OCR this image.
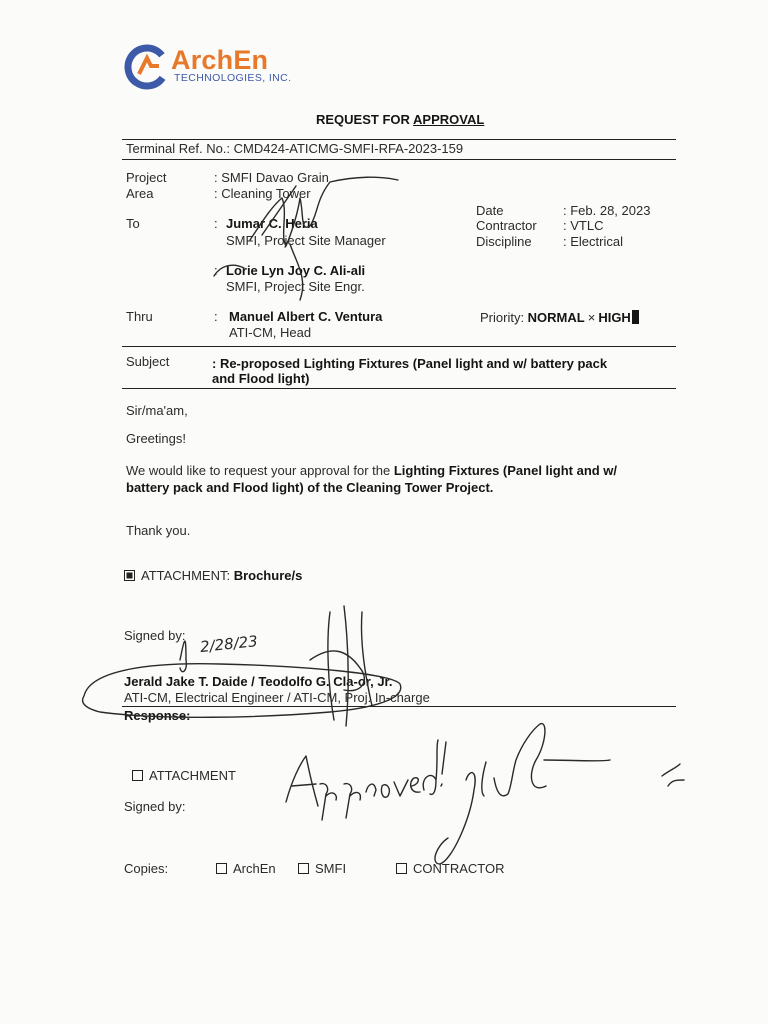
ArchEn
TECHNOLOGIES, INC.
REQUEST FOR APPROVAL
Terminal Ref. No.: CMD424-ATICMG-SMFI-RFA-2023-159
Project	: SMFI Davao Grain
Area	: Cleaning Tower
Date	: Feb. 28, 2023
Contractor : VTLC
Discipline : Electrical
To	: Jumar C. Heria
SMFI, Project Site Manager
: Lorie Lyn Joy C. Ali-ali
SMFI, Project Site Engr.
Thru	: Manuel Albert C. Ventura
ATI-CM, Head
Priority: NORMAL × HIGH
Subject	: Re-proposed Lighting Fixtures (Panel light and w/ battery pack
and Flood light)
Sir/ma'am,
Greetings!
We would like to request your approval for the Lighting Fixtures (Panel light and w/
battery pack and Flood light) of the Cleaning Tower Project.
Thank you.
ATTACHMENT: Brochure/s
Signed by:
Jerald Jake T. Daide / Teodolfo G. Cla-or, Jr.
ATI-CM, Electrical Engineer / ATI-CM, Proj. In-charge
Response:
ATTACHMENT
Signed by:
Copies:	ArchEn	SMFI	CONTRACTOR
2/28/23
